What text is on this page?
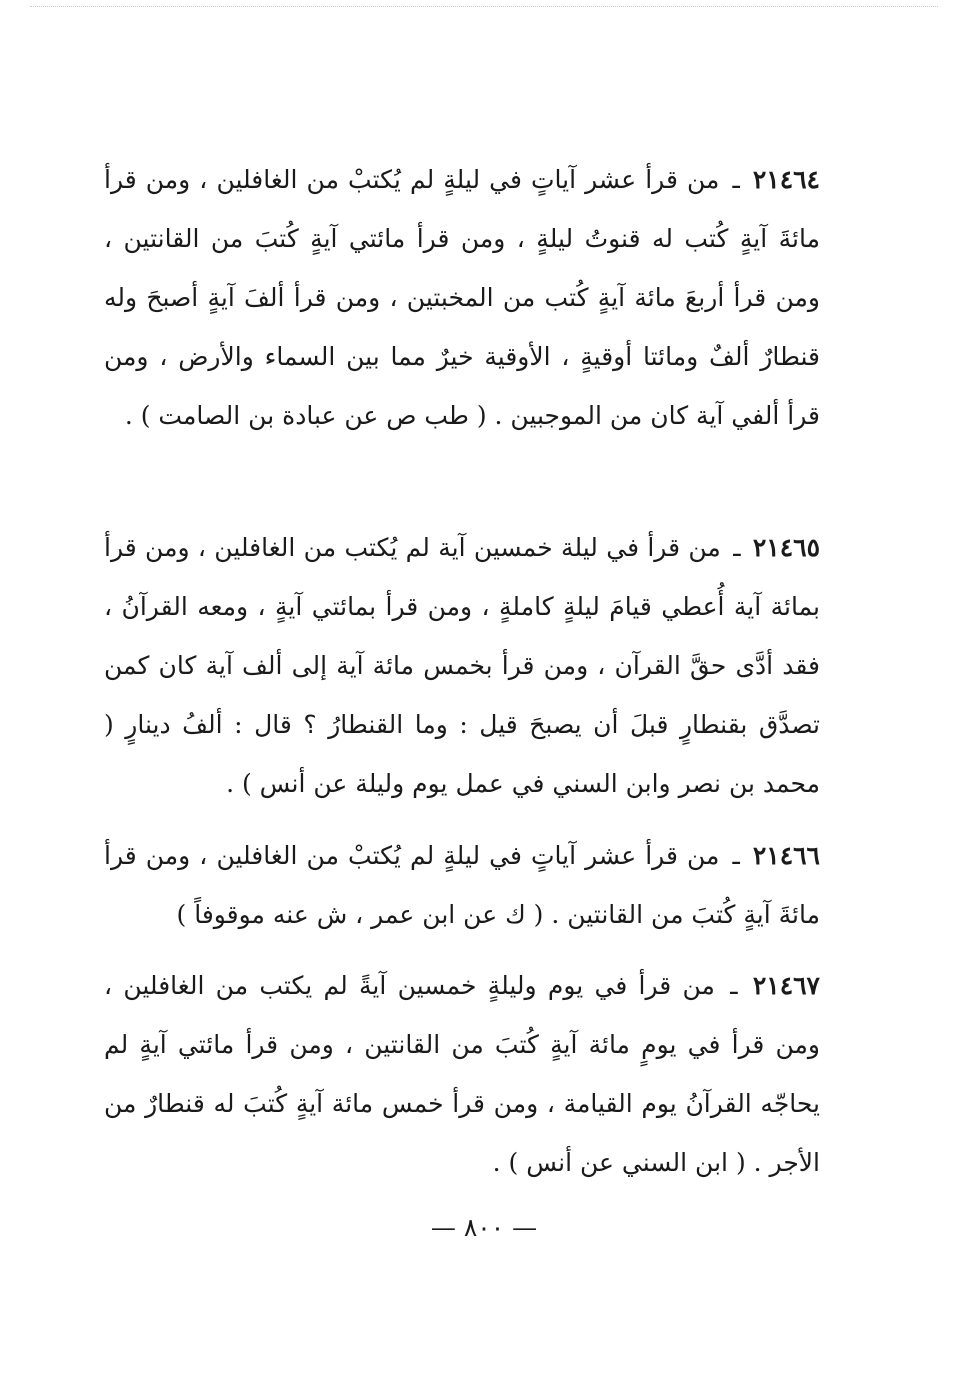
٢١٤٦٤ ـ من قرأ عشر آياتٍ في ليلةٍ لم يُكتبْ من الغافلين ، ومن قرأ مائةَ آيةٍ كُتب له قنوتُ ليلةٍ ، ومن قرأ مائتي آيةٍ كُتبَ من القانتين ، ومن قرأ أربعَ مائة آيةٍ كُتب من المخبتين ، ومن قرأ ألفَ آيةٍ أصبحَ وله قنطارٌ ألفٌ ومائتا أوقيةٍ ، الأوقية خيرٌ مما بين السماء والأرض ، ومن قرأ ألفي آية كان من الموجبين . ( طب ص عن عبادة بن الصامت ) .

٢١٤٦٥ ـ من قرأ في ليلة خمسين آية لم يُكتب من الغافلين ، ومن قرأ بمائة آية أُعطي قيامَ ليلةٍ كاملةٍ ، ومن قرأ بمائتي آيةٍ ، ومعه القرآنُ ، فقد أدَّى حقَّ القرآن ، ومن قرأ بخمس مائة آية إلى ألف آية كان كمن تصدَّق بقنطارٍ قبلَ أن يصبحَ قيل : وما القنطارُ ؟ قال : ألفُ دينارٍ ( محمد بن نصر وابن السني في عمل يوم وليلة عن أنس ) .

٢١٤٦٦ ـ من قرأ عشر آياتٍ في ليلةٍ لم يُكتبْ من الغافلين ، ومن قرأ مائةَ آيةٍ كُتبَ من القانتين . ( ك عن ابن عمر ، ش عنه موقوفاً )

٢١٤٦٧ ـ من قرأ في يوم وليلةٍ خمسين آيةً لم يكتب من الغافلين ، ومن قرأ في يومٍ مائة آيةٍ كُتبَ من القانتين ، ومن قرأ مائتي آيةٍ لم يحاجّه القرآنُ يوم القيامة ، ومن قرأ خمس مائة آيةٍ كُتبَ له قنطارٌ من الأجر . ( ابن السني عن أنس ) .

— ٨٠٠ —
